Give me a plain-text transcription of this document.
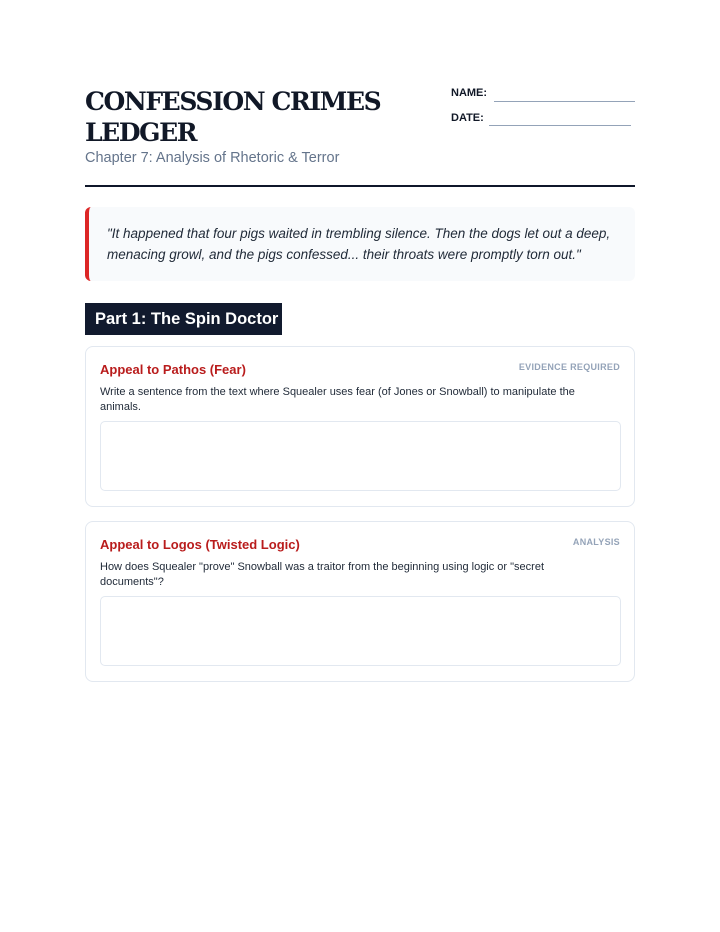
CONFESSION CRIMES LEDGER
Chapter 7: Analysis of Rhetoric & Terror
NAME:
DATE:
"It happened that four pigs waited in trembling silence. Then the dogs let out a deep, menacing growl, and the pigs confessed... their throats were promptly torn out."
Part 1: The Spin Doctor
Appeal to Pathos (Fear)	EVIDENCE REQUIRED
Write a sentence from the text where Squealer uses fear (of Jones or Snowball) to manipulate the animals.
Appeal to Logos (Twisted Logic)	ANALYSIS
How does Squealer "prove" Snowball was a traitor from the beginning using logic or "secret documents"?
